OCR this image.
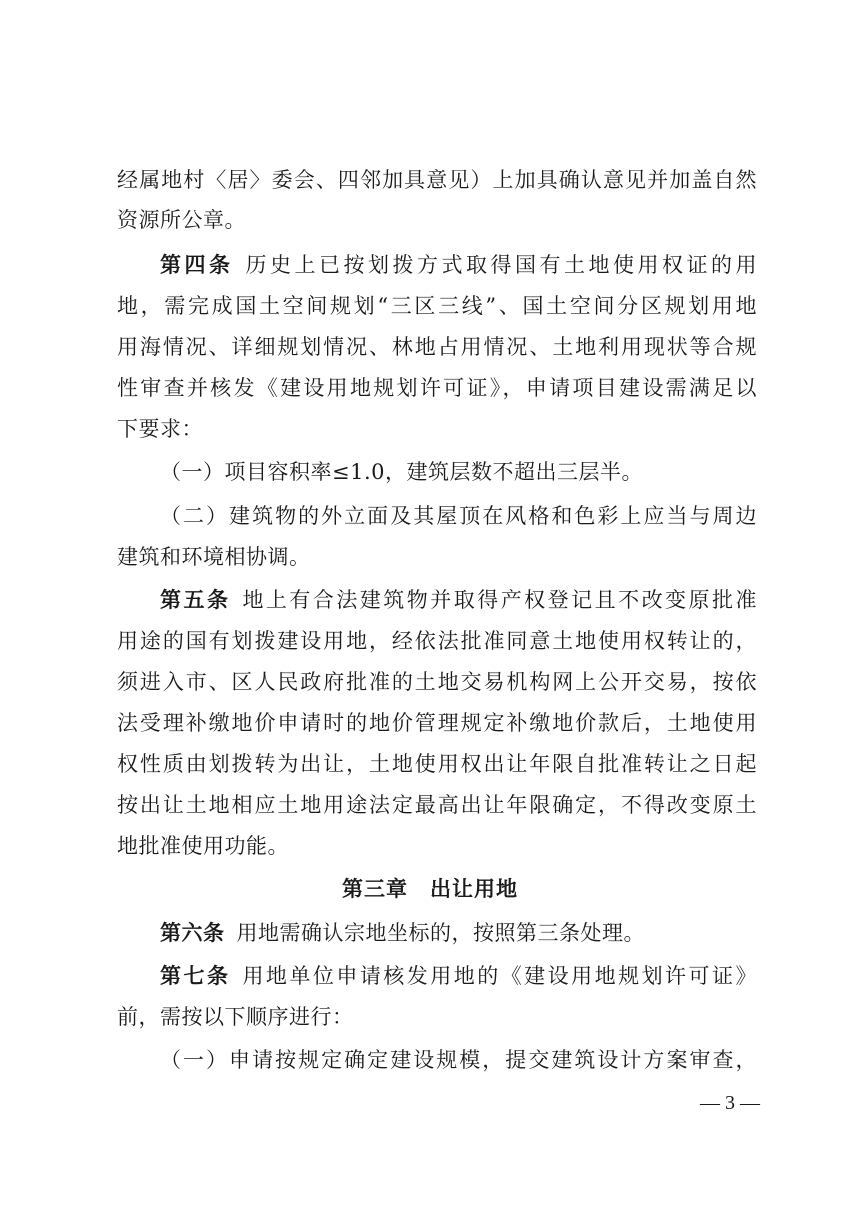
经属地村〈居〉委会、四邻加具意见）上加具确认意见并加盖自然
资源所公章。
第四条 历史上已按划拨方式取得国有土地使用权证的用
地，需完成国土空间规划“三区三线”、国土空间分区规划用地
用海情况、详细规划情况、林地占用情况、土地利用现状等合规
性审查并核发《建设用地规划许可证》，申请项目建设需满足以
下要求：
（一）项目容积率≤1.0，建筑层数不超出三层半。
（二）建筑物的外立面及其屋顶在风格和色彩上应当与周边
建筑和环境相协调。
第五条 地上有合法建筑物并取得产权登记且不改变原批准
用途的国有划拨建设用地，经依法批准同意土地使用权转让的，
须进入市、区人民政府批准的土地交易机构网上公开交易，按依
法受理补缴地价申请时的地价管理规定补缴地价款后，土地使用
权性质由划拨转为出让，土地使用权出让年限自批准转让之日起
按出让土地相应土地用途法定最高出让年限确定，不得改变原土
地批准使用功能。
第三章　出让用地
第六条 用地需确认宗地坐标的，按照第三条处理。
第七条 用地单位申请核发用地的《建设用地规划许可证》
前，需按以下顺序进行：
（一）申请按规定确定建设规模，提交建筑设计方案审查，
— 3 —
